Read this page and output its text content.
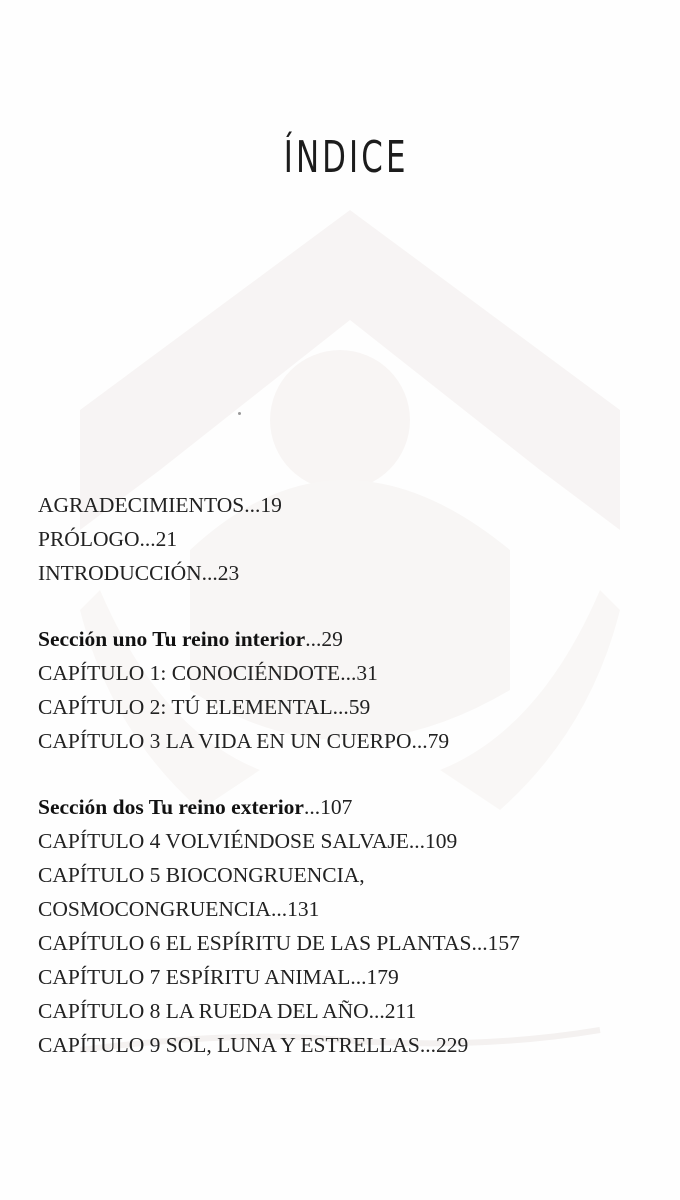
ÍNDICE
AGRADECIMIENTOS...19
PRÓLOGO...21
INTRODUCCIÓN...23
Sección uno Tu reino interior...29
CAPÍTULO 1: CONOCIÉNDOTE...31
CAPÍTULO 2: TÚ ELEMENTAL...59
CAPÍTULO 3 LA VIDA EN UN CUERPO...79
Sección dos Tu reino exterior...107
CAPÍTULO 4 VOLVIÉNDOSE SALVAJE...109
CAPÍTULO 5 BIOCONGRUENCIA,
COSMOCONGRUENCIA...131
CAPÍTULO 6 EL ESPÍRITU DE LAS PLANTAS...157
CAPÍTULO 7 ESPÍRITU ANIMAL...179
CAPÍTULO 8 LA RUEDA DEL AÑO...211
CAPÍTULO 9 SOL, LUNA Y ESTRELLAS...229
